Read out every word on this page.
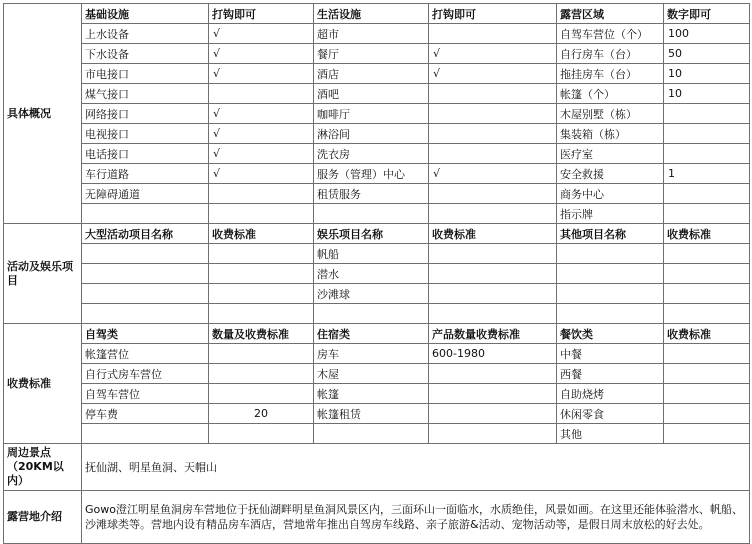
具体概况	基础设施	打钩即可	生活设施	打钩即可	露营区域	数字即可
	上水设备	√	超市		自驾车营位（个）	100
	下水设备	√	餐厅	√	自行房车（台）	50
	市电接口	√	酒店	√	拖挂房车（台）	10
	煤气接口		酒吧		帐篷（个）	10
	网络接口	√	咖啡厅		木屋别墅（栋）	
	电视接口	√	淋浴间		集装箱（栋）	
	电话接口	√	洗衣房		医疗室	
	车行道路	√	服务（管理）中心	√	安全救援	1
	无障碍通道		租赁服务		商务中心	
					指示牌	
活动及娱乐项目	大型活动项目名称	收费标准	娱乐项目名称	收费标准	其他项目名称	收费标准
			帆船			
			潜水			
			沙滩球			

收费标准	自驾类	数量及收费标准	住宿类	产品数量收费标准	餐饮类	收费标准
	帐篷营位		房车	600-1980	中餐	
	自行式房车营位		木屋		西餐	
	自驾车营位		帐篷		自助烧烤	
	停车费	20	帐篷租赁		休闲零食	
					其他	
周边景点（20KM以内）	抚仙湖、明星鱼洞、天帽山					
露营地介绍	Gowo澄江明星鱼洞房车营地位于抚仙湖畔明星鱼洞风景区内，三面环山一面临水，水质绝佳，风景如画。在这里还能体验潜水、帆船、沙滩球类等。营地内设有精品房车酒店，营地常年推出自驾房车线路、亲子旅游&活动、宠物活动等，是假日周末放松的好去处。					
